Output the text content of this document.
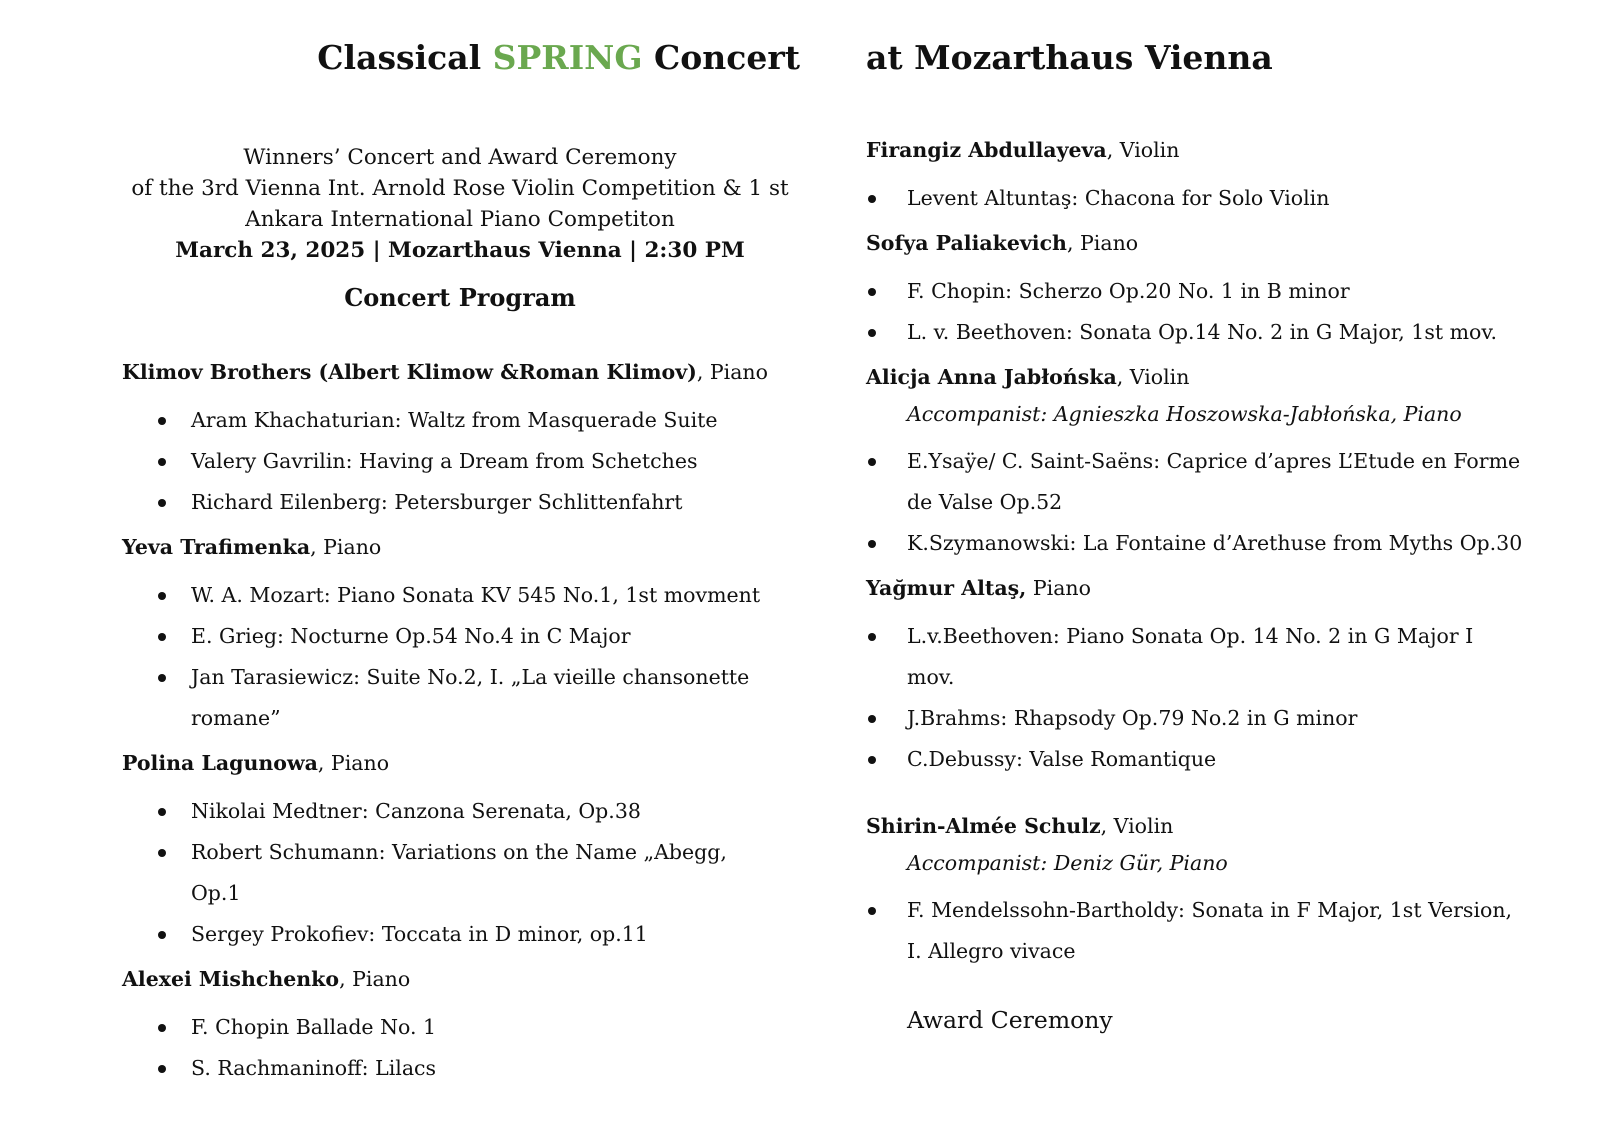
Classical SPRING Concert at Mozarthaus Vienna
Winners’ Concert and Award Ceremony
of the 3rd Vienna Int. Arnold Rose Violin Competition & 1 st
Ankara International Piano Competiton
March 23, 2025 | Mozarthaus Vienna | 2:30 PM
Concert Program

Klimov Brothers (Albert Klimow &Roman Klimov), Piano

Aram Khachaturian: Waltz from Masquerade Suite
Valery Gavrilin: Having a Dream from Schetches
Richard Eilenberg: Petersburger Schlittenfahrt

Yeva Trafimenka, Piano

W. A. Mozart: Piano Sonata KV 545 No.1, 1st movment
E. Grieg: Nocturne Op.54 No.4 in C Major
Jan Tarasiewicz: Suite No.2, I. „La vieille chansonette romane”

Polina Lagunowa, Piano

Nikolai Medtner: Canzona Serenata, Op.38
Robert Schumann: Variations on the Name „Abegg, Op.1
Sergey Prokofiev: Toccata in D minor, op.11

Alexei Mishchenko, Piano

F. Chopin Ballade No. 1
S. Rachmaninoff: Lilacs

Firangiz Abdullayeva, Violin

Levent Altuntaş: Chacona for Solo Violin

Sofya Paliakevich, Piano

F. Chopin: Scherzo Op.20 No. 1 in B minor
L. v. Beethoven: Sonata Op.14 No. 2 in G Major, 1st mov.

Alicja Anna Jabłońska, Violin

Accompanist: Agnieszka Hoszowska-Jabłońska, Piano

E.Ysaÿe/ C. Saint-Saëns: Caprice d’apres L’Etude en Forme de Valse Op.52
K.Szymanowski: La Fontaine d’Arethuse from Myths Op.30

Yağmur Altaş, Piano

L.v.Beethoven: Piano Sonata Op. 14 No. 2 in G Major I mov.
J.Brahms: Rhapsody Op.79 No.2 in G minor
C.Debussy: Valse Romantique

Shirin-Almée Schulz, Violin

Accompanist: Deniz Gür, Piano

F. Mendelssohn-Bartholdy: Sonata in F Major, 1st Version, I. Allegro vivace

Award Ceremony
